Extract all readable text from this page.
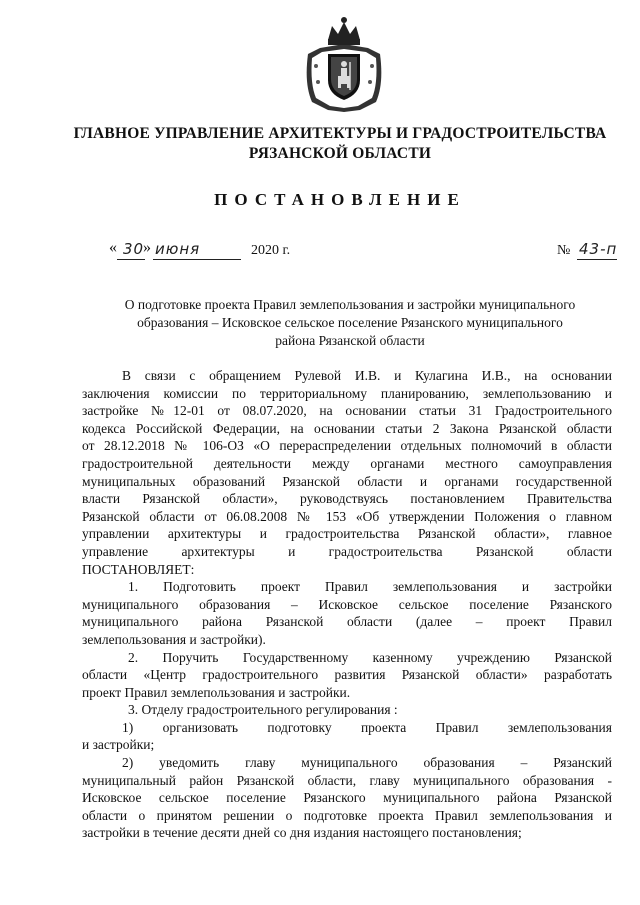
ГЛАВНОЕ УПРАВЛЕНИЕ АРХИТЕКТУРЫ И ГРАДОСТРОИТЕЛЬСТВА
РЯЗАНСКОЙ ОБЛАСТИ
ПОСТАНОВЛЕНИЕ
« 30
» июня	2020 г.	№ 43-п
О подготовке проекта Правил землепользования и застройки муниципального
образования – Исковское сельское поселение Рязанского муниципального
района Рязанской области

В связи с обращением Рулевой И.В. и Кулагина И.В., на основании

заключения комиссии по территориальному планированию, землепользованию и

застройке №12-01 от 08.07.2020, на основании статьи 31 Градостроительного

кодекса Российской Федерации, на основании статьи 2 Закона Рязанской области

от 28.12.2018 № 106-ОЗ «О перераспределении отдельных полномочий в области

градостроительной деятельности между органами местного самоуправления

муниципальных образований Рязанской области и органами государственной

власти Рязанской области», руководствуясь постановлением Правительства

Рязанской области от 06.08.2008 № 153 «Об утверждении Положения о главном

управлении архитектуры и градостроительства Рязанской области», главное

управление архитектуры и градостроительства Рязанской области

ПОСТАНОВЛЯЕТ:

1. Подготовить проект Правил землепользования и застройки

муниципального образования – Исковское сельское поселение Рязанского

муниципального района Рязанской области (далее – проект Правил

землепользования и застройки).

2. Поручить Государственному казенному учреждению Рязанской

области «Центр градостроительного развития Рязанской области» разработать

проект Правил землепользования и застройки.

3. Отделу градостроительного регулирования :

1) организовать подготовку проекта Правил землепользования

и застройки;

2) уведомить главу муниципального образования – Рязанский

муниципальный район Рязанской области, главу муниципального образования -

Исковское сельское поселение Рязанского муниципального района Рязанской

области о принятом решении о подготовке проекта Правил землепользования и

застройки в течение десяти дней со дня издания настоящего постановления;
